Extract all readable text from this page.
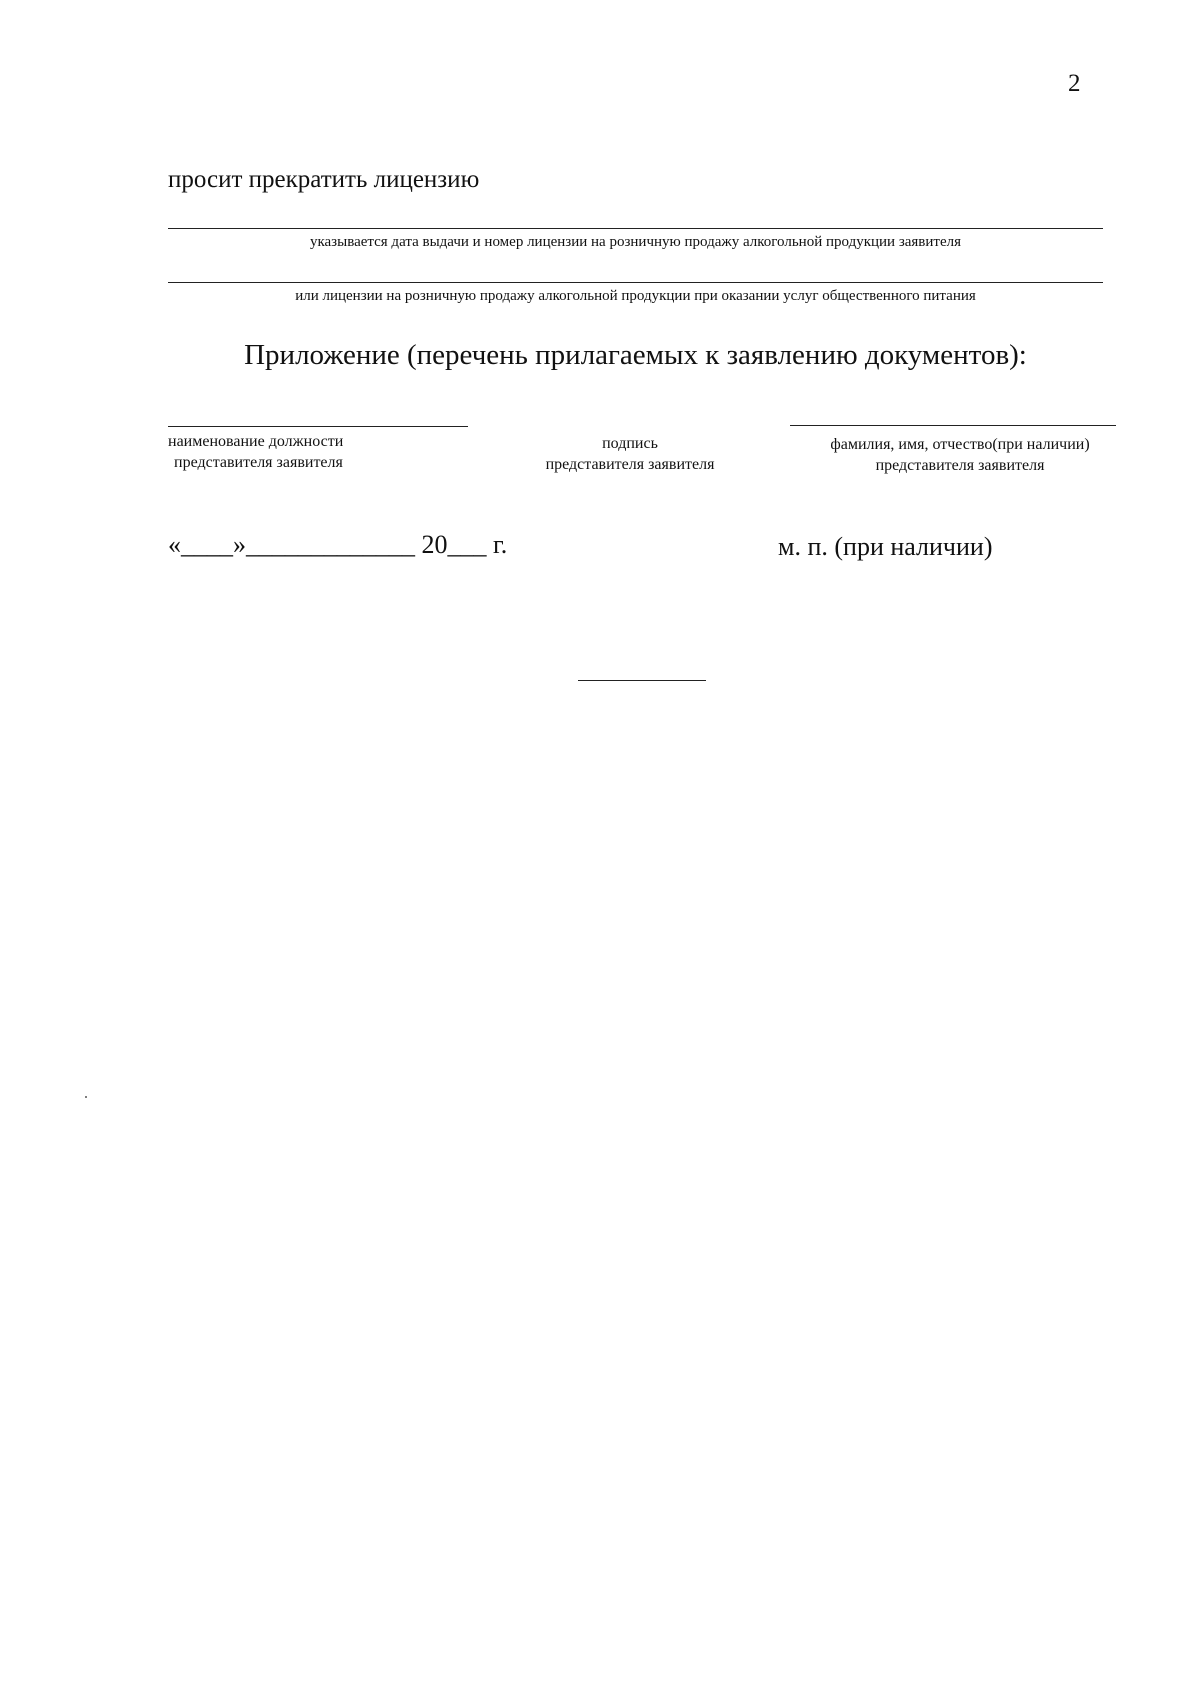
2
просит прекратить лицензию
указывается дата выдачи и номер лицензии на розничную продажу алкогольной продукции заявителя
или лицензии на розничную продажу алкогольной продукции при оказании услуг общественного питания
Приложение (перечень прилагаемых к заявлению документов):
наименование должности
представителя заявителя
подпись
представителя заявителя
фамилия, имя, отчество(при наличии)
представителя заявителя
«____»_____________ 20___ г.	м. п. (при наличии)
